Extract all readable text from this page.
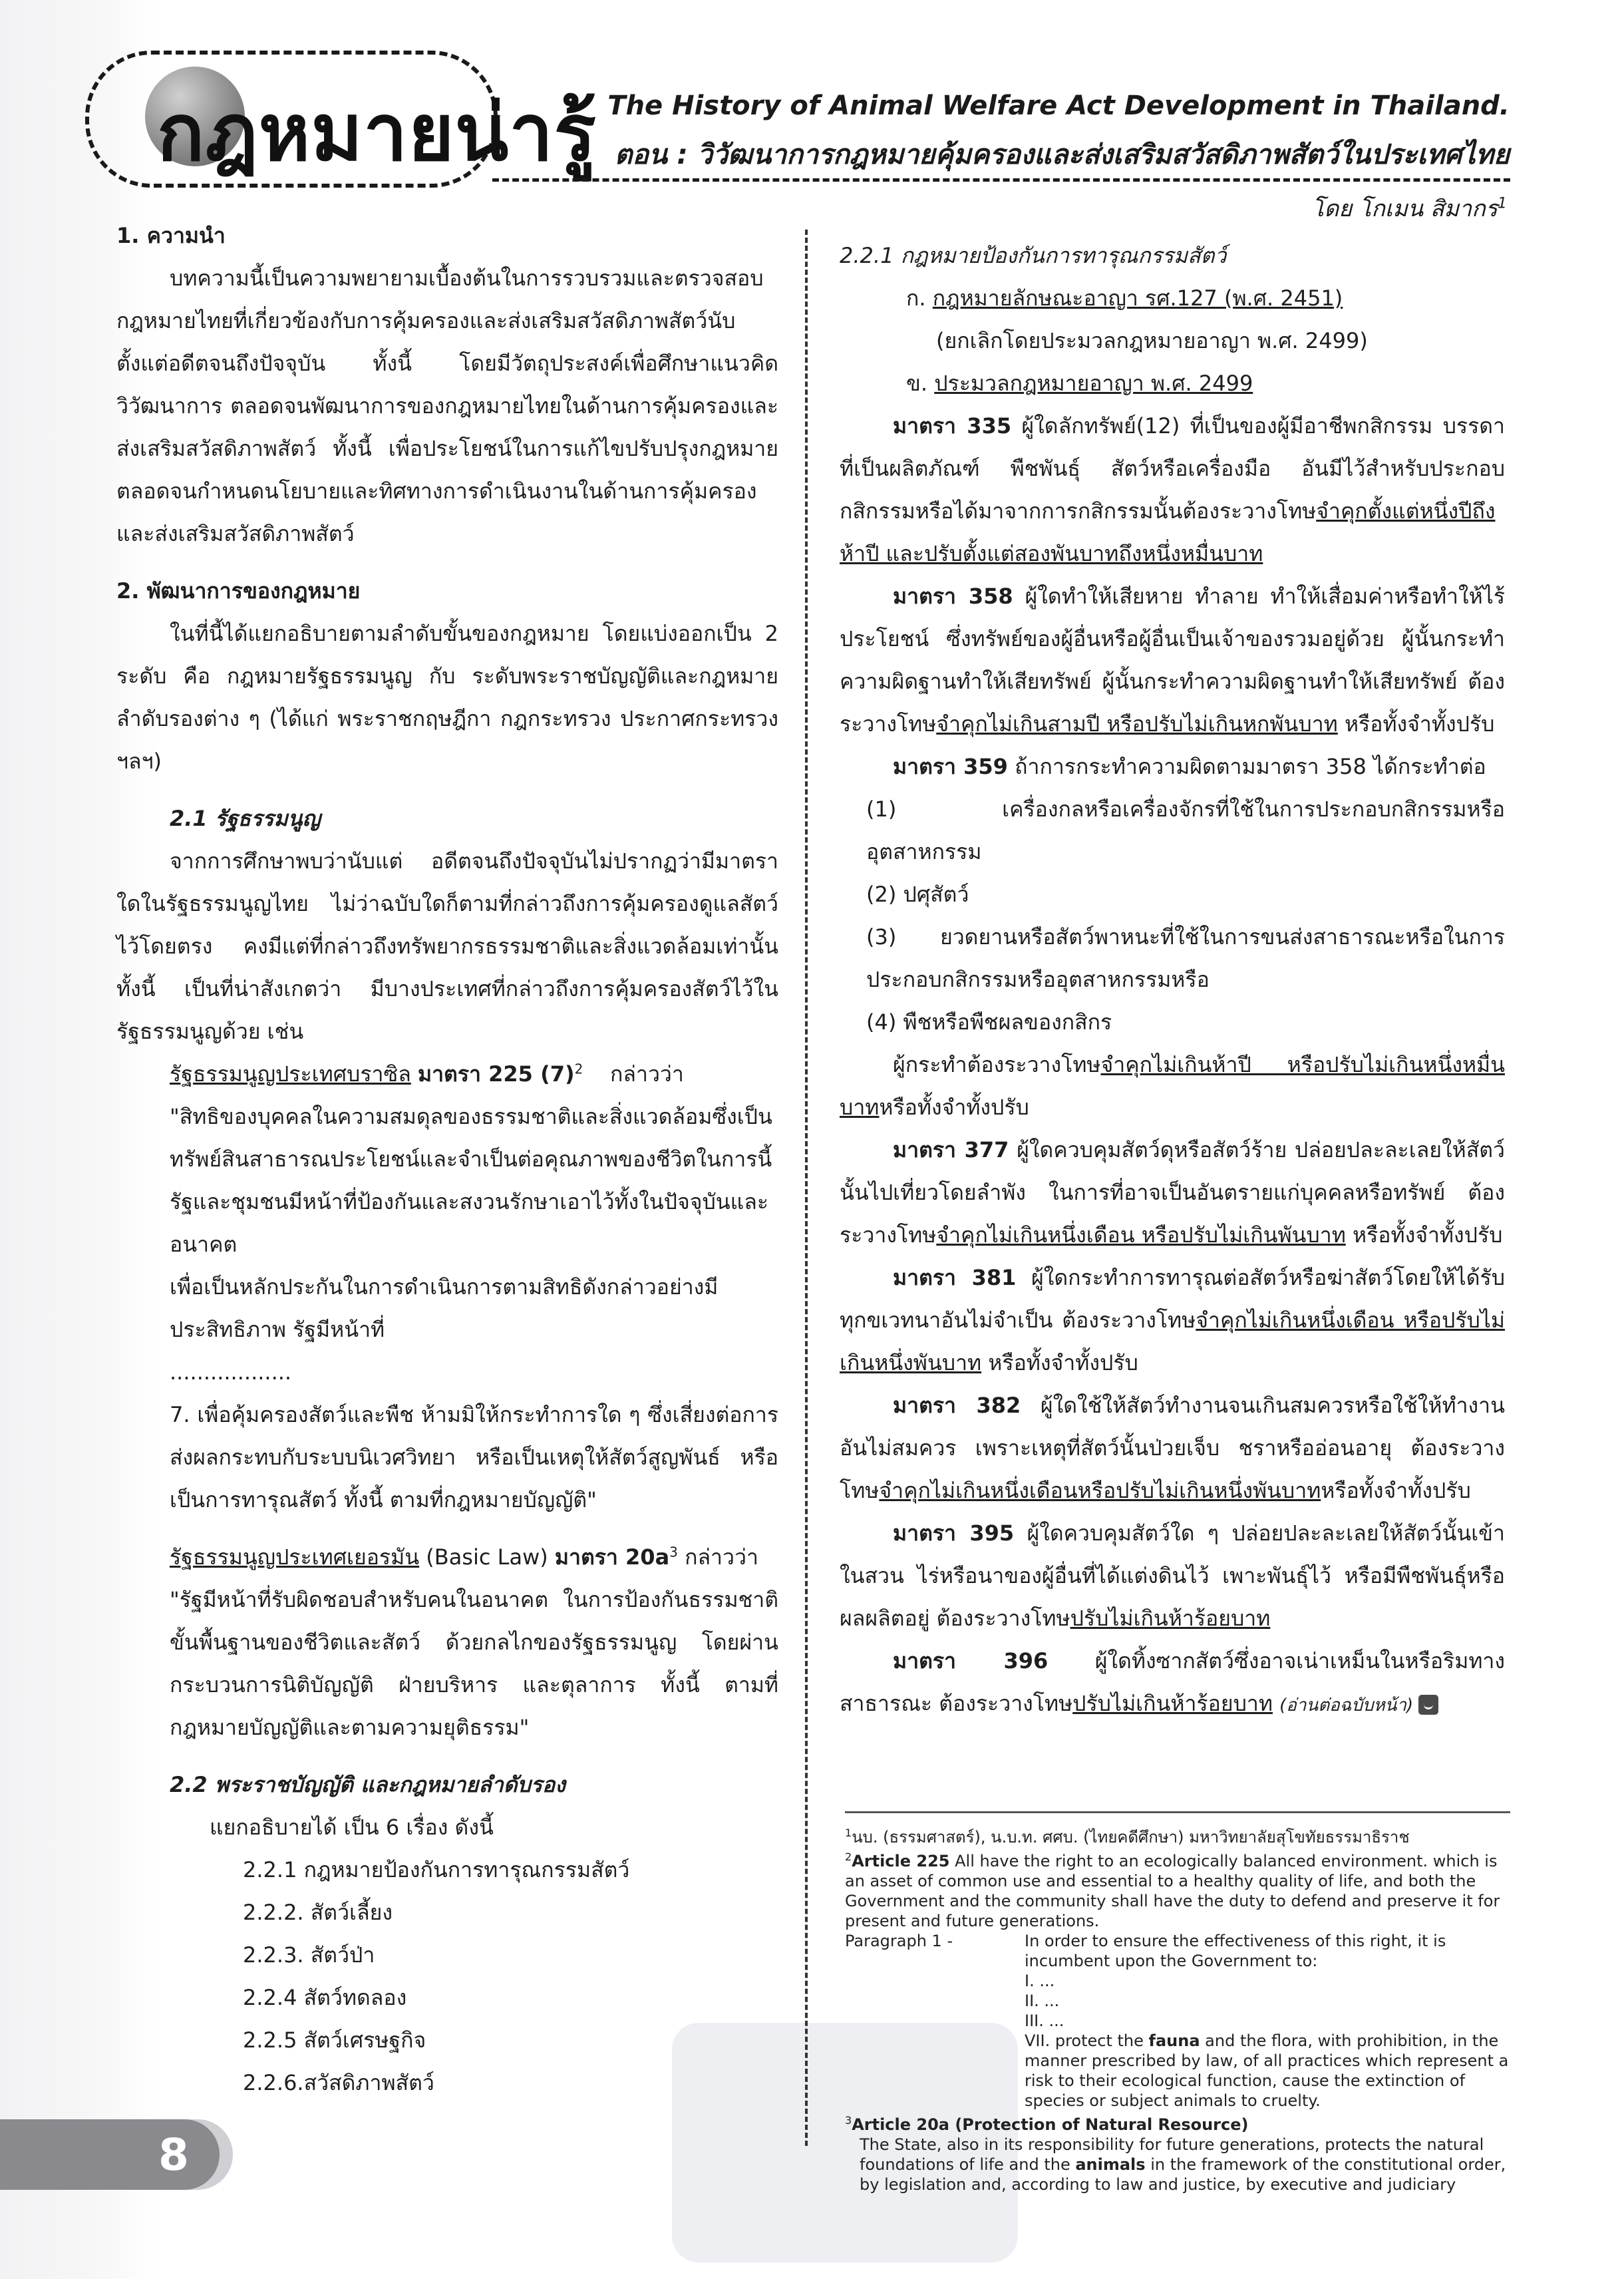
กฎหมายน่ารู้ The History of Animal Welfare Act Development in Thailand.
ตอน : วิวัฒนาการกฎหมายคุ้มครองและส่งเสริมสวัสดิภาพสัตว์ในประเทศไทย
โดย โกเมน สิมากร$^1$

1. ความนำ

บทความนี้เป็นความพยายามเบื้องต้นในการรวบรวมและตรวจสอบกฎหมายไทยที่เกี่ยวข้องกับการคุ้มครองและส่งเสริมสวัสดิภาพสัตว์นับตั้งแต่อดีตจนถึงปัจจุบัน ทั้งนี้ โดยมีวัตถุประสงค์เพื่อศึกษาแนวคิดวิวัฒนาการ ตลอดจนพัฒนาการของกฎหมายไทยในด้านการคุ้มครองและส่งเสริมสวัสดิภาพสัตว์ ทั้งนี้ เพื่อประโยชน์ในการแก้ไขปรับปรุงกฎหมาย ตลอดจนกำหนดนโยบายและทิศทางการดำเนินงานในด้านการคุ้มครองและส่งเสริมสวัสดิภาพสัตว์

2. พัฒนาการของกฎหมาย

ในที่นี้ได้แยกอธิบายตามลำดับขั้นของกฎหมาย โดยแบ่งออกเป็น 2 ระดับ คือ กฎหมายรัฐธรรมนูญ กับ ระดับพระราชบัญญัติและกฎหมายลำดับรองต่าง ๆ (ได้แก่ พระราชกฤษฎีกา กฎกระทรวง ประกาศกระทรวง ฯลฯ)

2.1 รัฐธรรมนูญ

จากการศึกษาพบว่านับแต่ อดีตจนถึงปัจจุบันไม่ปรากฏว่ามีมาตราใดในรัฐธรรมนูญไทย ไม่ว่าฉบับใดก็ตามที่กล่าวถึงการคุ้มครองดูแลสัตว์ไว้โดยตรง คงมีแต่ที่กล่าวถึงทรัพยากรธรรมชาติและสิ่งแวดล้อมเท่านั้น ทั้งนี้ เป็นที่น่าสังเกตว่า มีบางประเทศที่กล่าวถึงการคุ้มครองสัตว์ไว้ในรัฐธรรมนูญด้วย เช่น

รัฐธรรมนูญประเทศบราซิล มาตรา 225 $(7)^2$ กล่าวว่า

"สิทธิของบุคคลในความสมดุลของธรรมชาติและสิ่งแวดล้อมซึ่งเป็นทรัพย์สินสาธารณประโยชน์และจำเป็นต่อคุณภาพของชีวิตในการนี้ รัฐและชุมชนมีหน้าที่ป้องกันและสงวนรักษาเอาไว้ทั้งในปัจจุบันและอนาคต

เพื่อเป็นหลักประกันในการดำเนินการตามสิทธิดังกล่าวอย่างมีประสิทธิภาพ รัฐมีหน้าที่

..................

7. เพื่อคุ้มครองสัตว์และพืช ห้ามมิให้กระทำการใด ๆ ซึ่งเสี่ยงต่อการส่งผลกระทบกับระบบนิเวศวิทยา หรือเป็นเหตุให้สัตว์สูญพันธ์ หรือเป็นการทารุณสัตว์ ทั้งนี้ ตามที่กฎหมายบัญญัติ"

รัฐธรรมนูญประเทศเยอรมัน (Basic Law) มาตรา $20a^3$ กล่าวว่า

"รัฐมีหน้าที่รับผิดชอบสำหรับคนในอนาคต ในการป้องกันธรรมชาติขั้นพื้นฐานของชีวิตและสัตว์ ด้วยกลไกของรัฐธรรมนูญ โดยผ่านกระบวนการนิติบัญญัติ ฝ่ายบริหาร และตุลาการ ทั้งนี้ ตามที่กฎหมายบัญญัติและตามความยุติธรรม"

2.2 พระราชบัญญัติ และกฎหมายลำดับรอง

แยกอธิบายได้ เป็น 6 เรื่อง ดังนี้

2.2.1 กฎหมายป้องกันการทารุณกรรมสัตว์

2.2.2. สัตว์เลี้ยง

2.2.3. สัตว์ป่า

2.2.4 สัตว์ทดลอง

2.2.5 สัตว์เศรษฐกิจ

2.2.6.สวัสดิภาพสัตว์

2.2.1 กฎหมายป้องกันการทารุณกรรมสัตว์

ก. กฎหมายลักษณะอาญา รศ.127 (พ.ศ. 2451)

(ยกเลิกโดยประมวลกฎหมายอาญา พ.ศ. 2499)

ข. ประมวลกฎหมายอาญา พ.ศ. 2499

มาตรา 335 ผู้ใดลักทรัพย์(12) ที่เป็นของผู้มีอาชีพกสิกรรม บรรดาที่เป็นผลิตภัณฑ์ พืชพันธุ์ สัตว์หรือเครื่องมือ อันมีไว้สำหรับประกอบกสิกรรมหรือได้มาจากการกสิกรรมนั้นต้องระวางโทษจำคุกตั้งแต่หนึ่งปีถึงห้าปี และปรับตั้งแต่สองพันบาทถึงหนึ่งหมื่นบาท

มาตรา 358 ผู้ใดทำให้เสียหาย ทำลาย ทำให้เสื่อมค่าหรือทำให้ไร้ประโยชน์ ซึ่งทรัพย์ของผู้อื่นหรือผู้อื่นเป็นเจ้าของรวมอยู่ด้วย ผู้นั้นกระทำความผิดฐานทำให้เสียทรัพย์ ผู้นั้นกระทำความผิดฐานทำให้เสียทรัพย์ ต้องระวางโทษจำคุกไม่เกินสามปี หรือปรับไม่เกินหกพันบาท หรือทั้งจำทั้งปรับ

มาตรา 359 ถ้าการกระทำความผิดตามมาตรา 358 ได้กระทำต่อ

(1) เครื่องกลหรือเครื่องจักรที่ใช้ในการประกอบกสิกรรมหรืออุตสาหกรรม

(2) ปศุสัตว์

(3) ยวดยานหรือสัตว์พาหนะที่ใช้ในการขนส่งสาธารณะหรือในการประกอบกสิกรรมหรืออุตสาหกรรมหรือ

(4) พืชหรือพืชผลของกสิกร

ผู้กระทำต้องระวางโทษจำคุกไม่เกินห้าปี หรือปรับไม่เกินหนึ่งหมื่นบาทหรือทั้งจำทั้งปรับ

มาตรา 377 ผู้ใดควบคุมสัตว์ดุหรือสัตว์ร้าย ปล่อยปละละเลยให้สัตว์นั้นไปเที่ยวโดยลำพัง ในการที่อาจเป็นอันตรายแก่บุคคลหรือทรัพย์ ต้องระวางโทษจำคุกไม่เกินหนึ่งเดือน หรือปรับไม่เกินพันบาท หรือทั้งจำทั้งปรับ

มาตรา 381 ผู้ใดกระทำการทารุณต่อสัตว์หรือฆ่าสัตว์โดยให้ได้รับทุกขเวทนาอันไม่จำเป็น ต้องระวางโทษจำคุกไม่เกินหนึ่งเดือน หรือปรับไม่เกินหนึ่งพันบาท หรือทั้งจำทั้งปรับ

มาตรา 382 ผู้ใดใช้ให้สัตว์ทำงานจนเกินสมควรหรือใช้ให้ทำงานอันไม่สมควร เพราะเหตุที่สัตว์นั้นป่วยเจ็บ ชราหรืออ่อนอายุ ต้องระวางโทษจำคุกไม่เกินหนึ่งเดือนหรือปรับไม่เกินหนึ่งพันบาทหรือทั้งจำทั้งปรับ

มาตรา 395 ผู้ใดควบคุมสัตว์ใด ๆ ปล่อยปละละเลยให้สัตว์นั้นเข้าในสวน ไร่หรือนาของผู้อื่นที่ได้แต่งดินไว้ เพาะพันธุ์ไว้ หรือมีพืชพันธุ์หรือผลผลิตอยู่ ต้องระวางโทษปรับไม่เกินห้าร้อยบาท

มาตรา 396 ผู้ใดทิ้งซากสัตว์ซึ่งอาจเน่าเหม็นในหรือริมทางสาธารณะ ต้องระวางโทษปรับไม่เกินห้าร้อยบาท (อ่านต่อฉบับหน้า)

$^1$นบ. (ธรรมศาสตร์), น.บ.ท. ศศบ. (ไทยคดีศึกษา) มหาวิทยาลัยสุโขทัยธรรมาธิราช

$^2$Article 225 All have the right to an ecologically balanced environment. which is an asset of common use and essential to a healthy quality of life, and both the Government and the community shall have the duty to defend and preserve it for present and future generations.

Paragraph 1 -	In order to ensure the effectiveness of this right, it is incumbent upon the Government to:

I. ...

II. ...

III. ...

VII. protect the fauna and the flora, with prohibition, in the manner prescribed by law, of all practices which represent a risk to their ecological function, cause the extinction of species or subject animals to cruelty.

$^3$Article 20a (Protection of Natural Resource)

The State, also in its responsibility for future generations, protects the natural foundations of life and the animals in the framework of the constitutional order, by legislation and, according to law and justice, by executive and judiciary

8
